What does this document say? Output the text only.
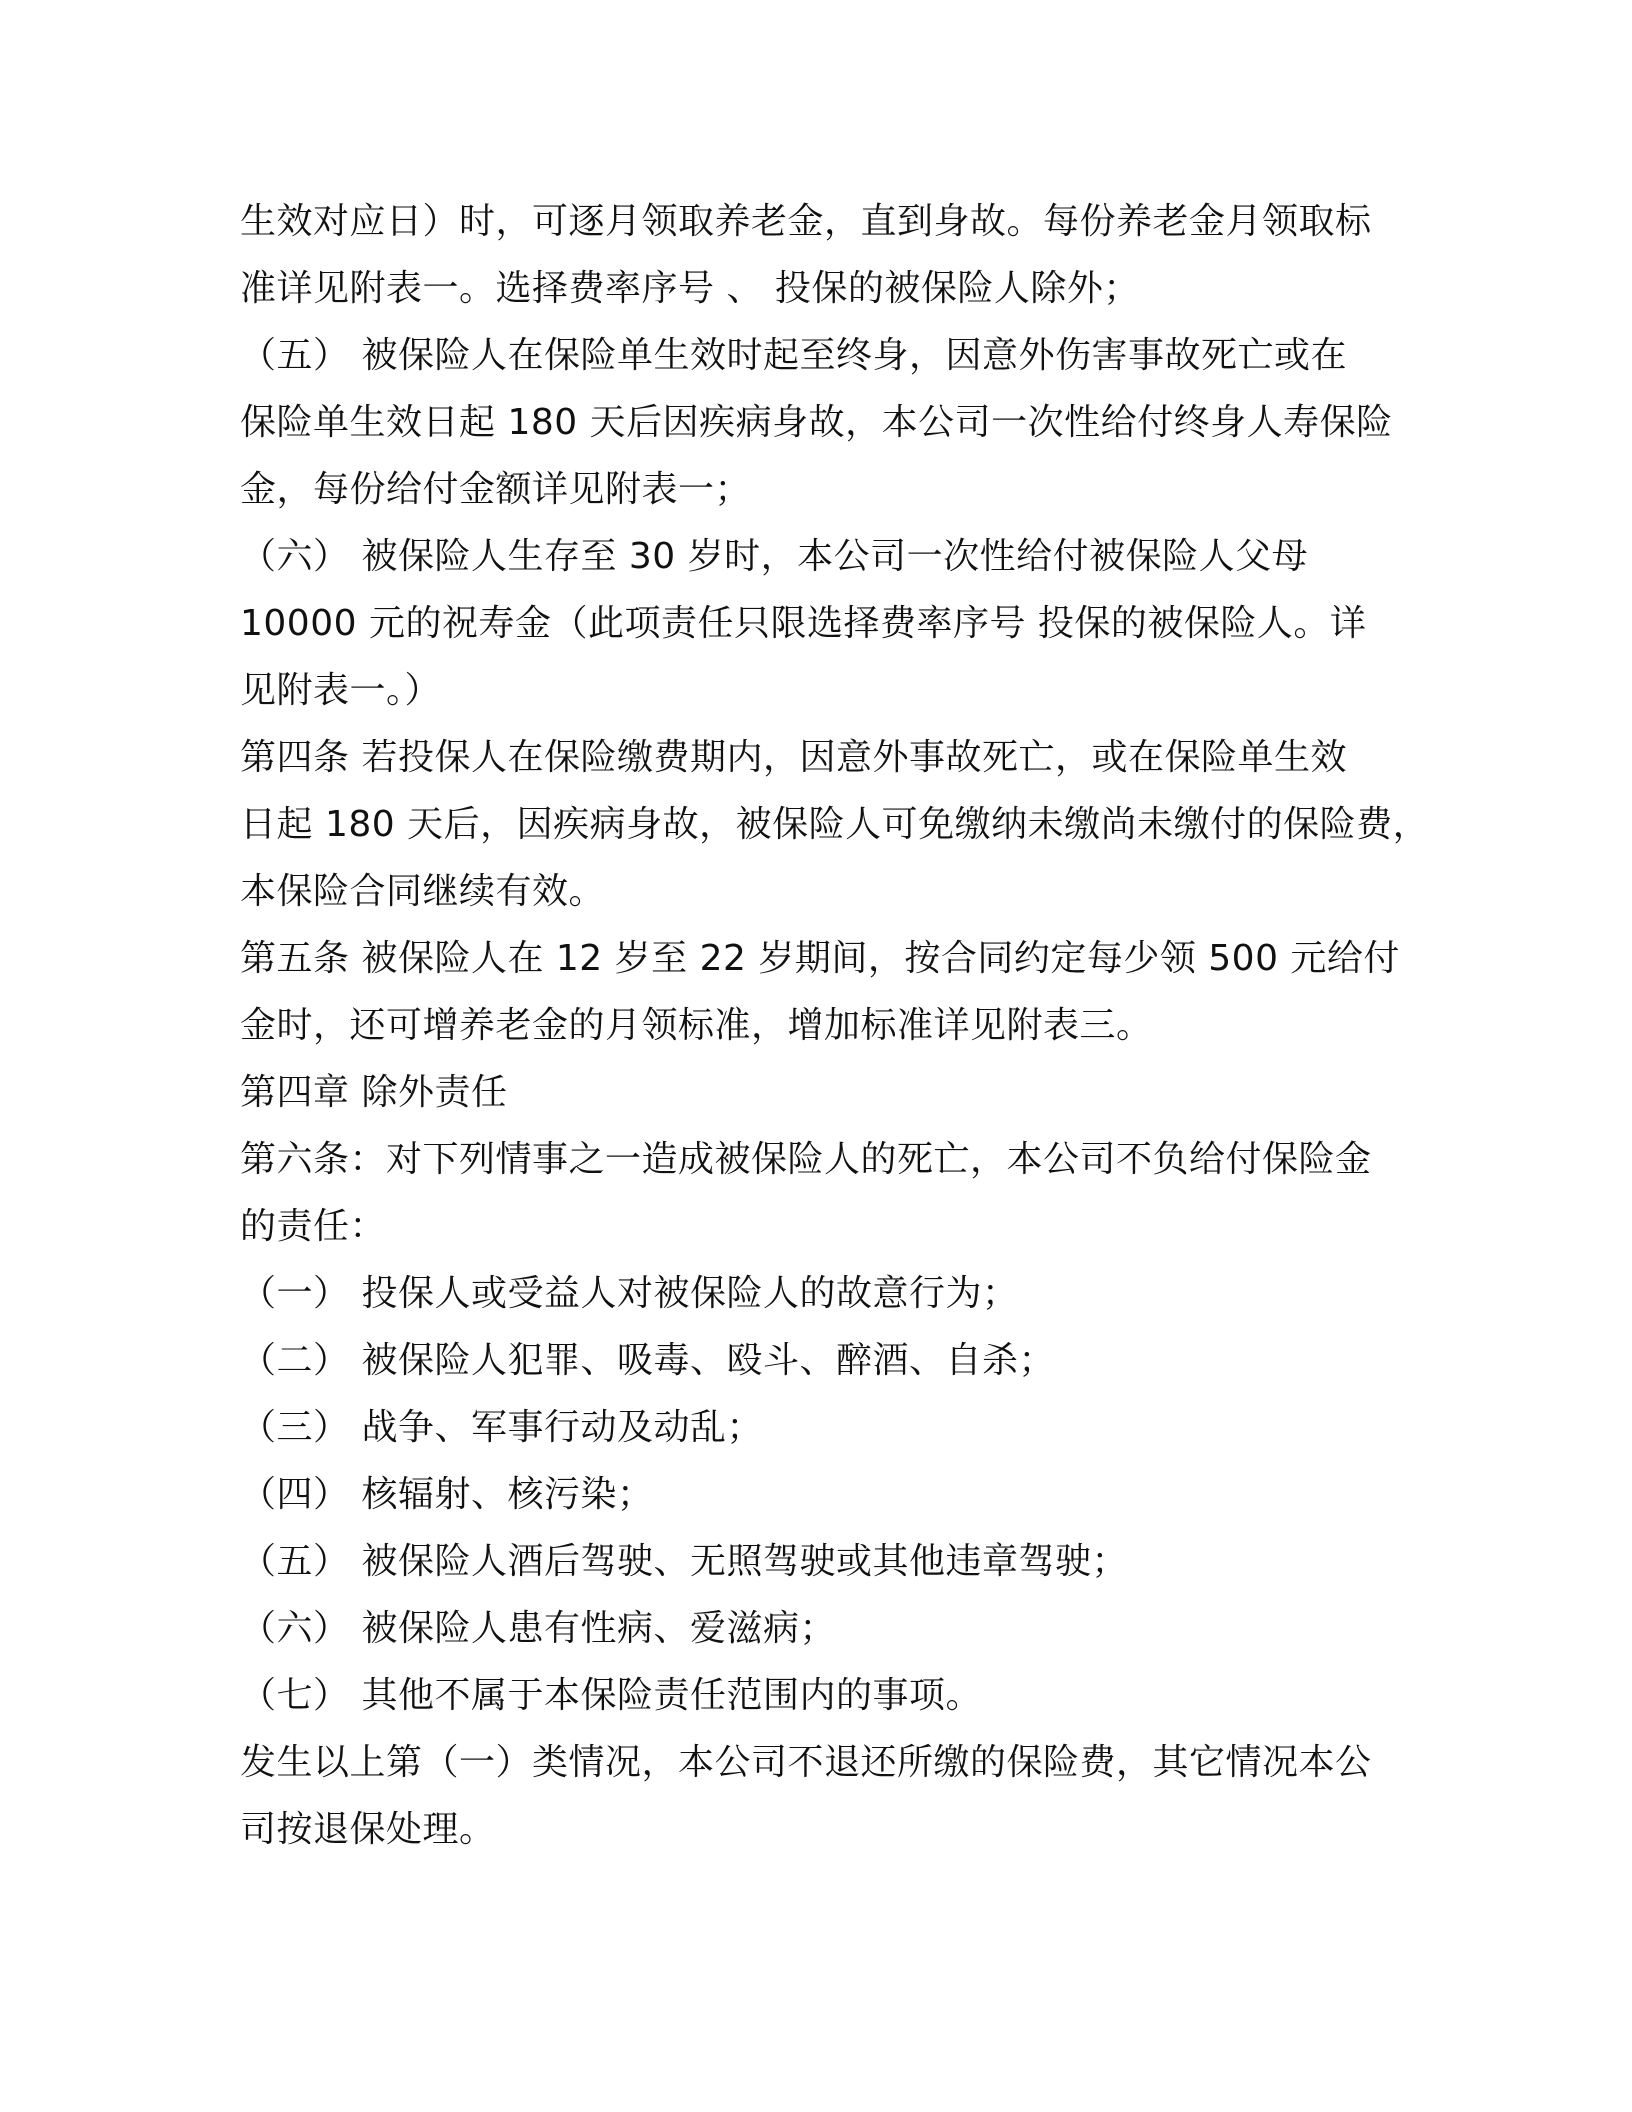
生效对应日）时，可逐月领取养老金，直到身故。每份养老金月领取标
准详见附表一。选择费率序号 、 投保的被保险人除外；
（五） 被保险人在保险单生效时起至终身，因意外伤害事故死亡或在
保险单生效日起 180 天后因疾病身故，本公司一次性给付终身人寿保险
金，每份给付金额详见附表一；
（六） 被保险人生存至 30 岁时，本公司一次性给付被保险人父母
10000 元的祝寿金（此项责任只限选择费率序号 投保的被保险人。详
见附表一。）
第四条 若投保人在保险缴费期内，因意外事故死亡，或在保险单生效
日起 180 天后，因疾病身故，被保险人可免缴纳未缴尚未缴付的保险费，
本保险合同继续有效。
第五条 被保险人在 12 岁至 22 岁期间，按合同约定每少领 500 元给付
金时，还可增养老金的月领标准，增加标准详见附表三。
第四章 除外责任
第六条：对下列情事之一造成被保险人的死亡，本公司不负给付保险金
的责任：
（一） 投保人或受益人对被保险人的故意行为；
（二） 被保险人犯罪、吸毒、殴斗、醉酒、自杀；
（三） 战争、军事行动及动乱；
（四） 核辐射、核污染；
（五） 被保险人酒后驾驶、无照驾驶或其他违章驾驶；
（六） 被保险人患有性病、爱滋病；
（七） 其他不属于本保险责任范围内的事项。
发生以上第（一）类情况，本公司不退还所缴的保险费，其它情况本公
司按退保处理。
